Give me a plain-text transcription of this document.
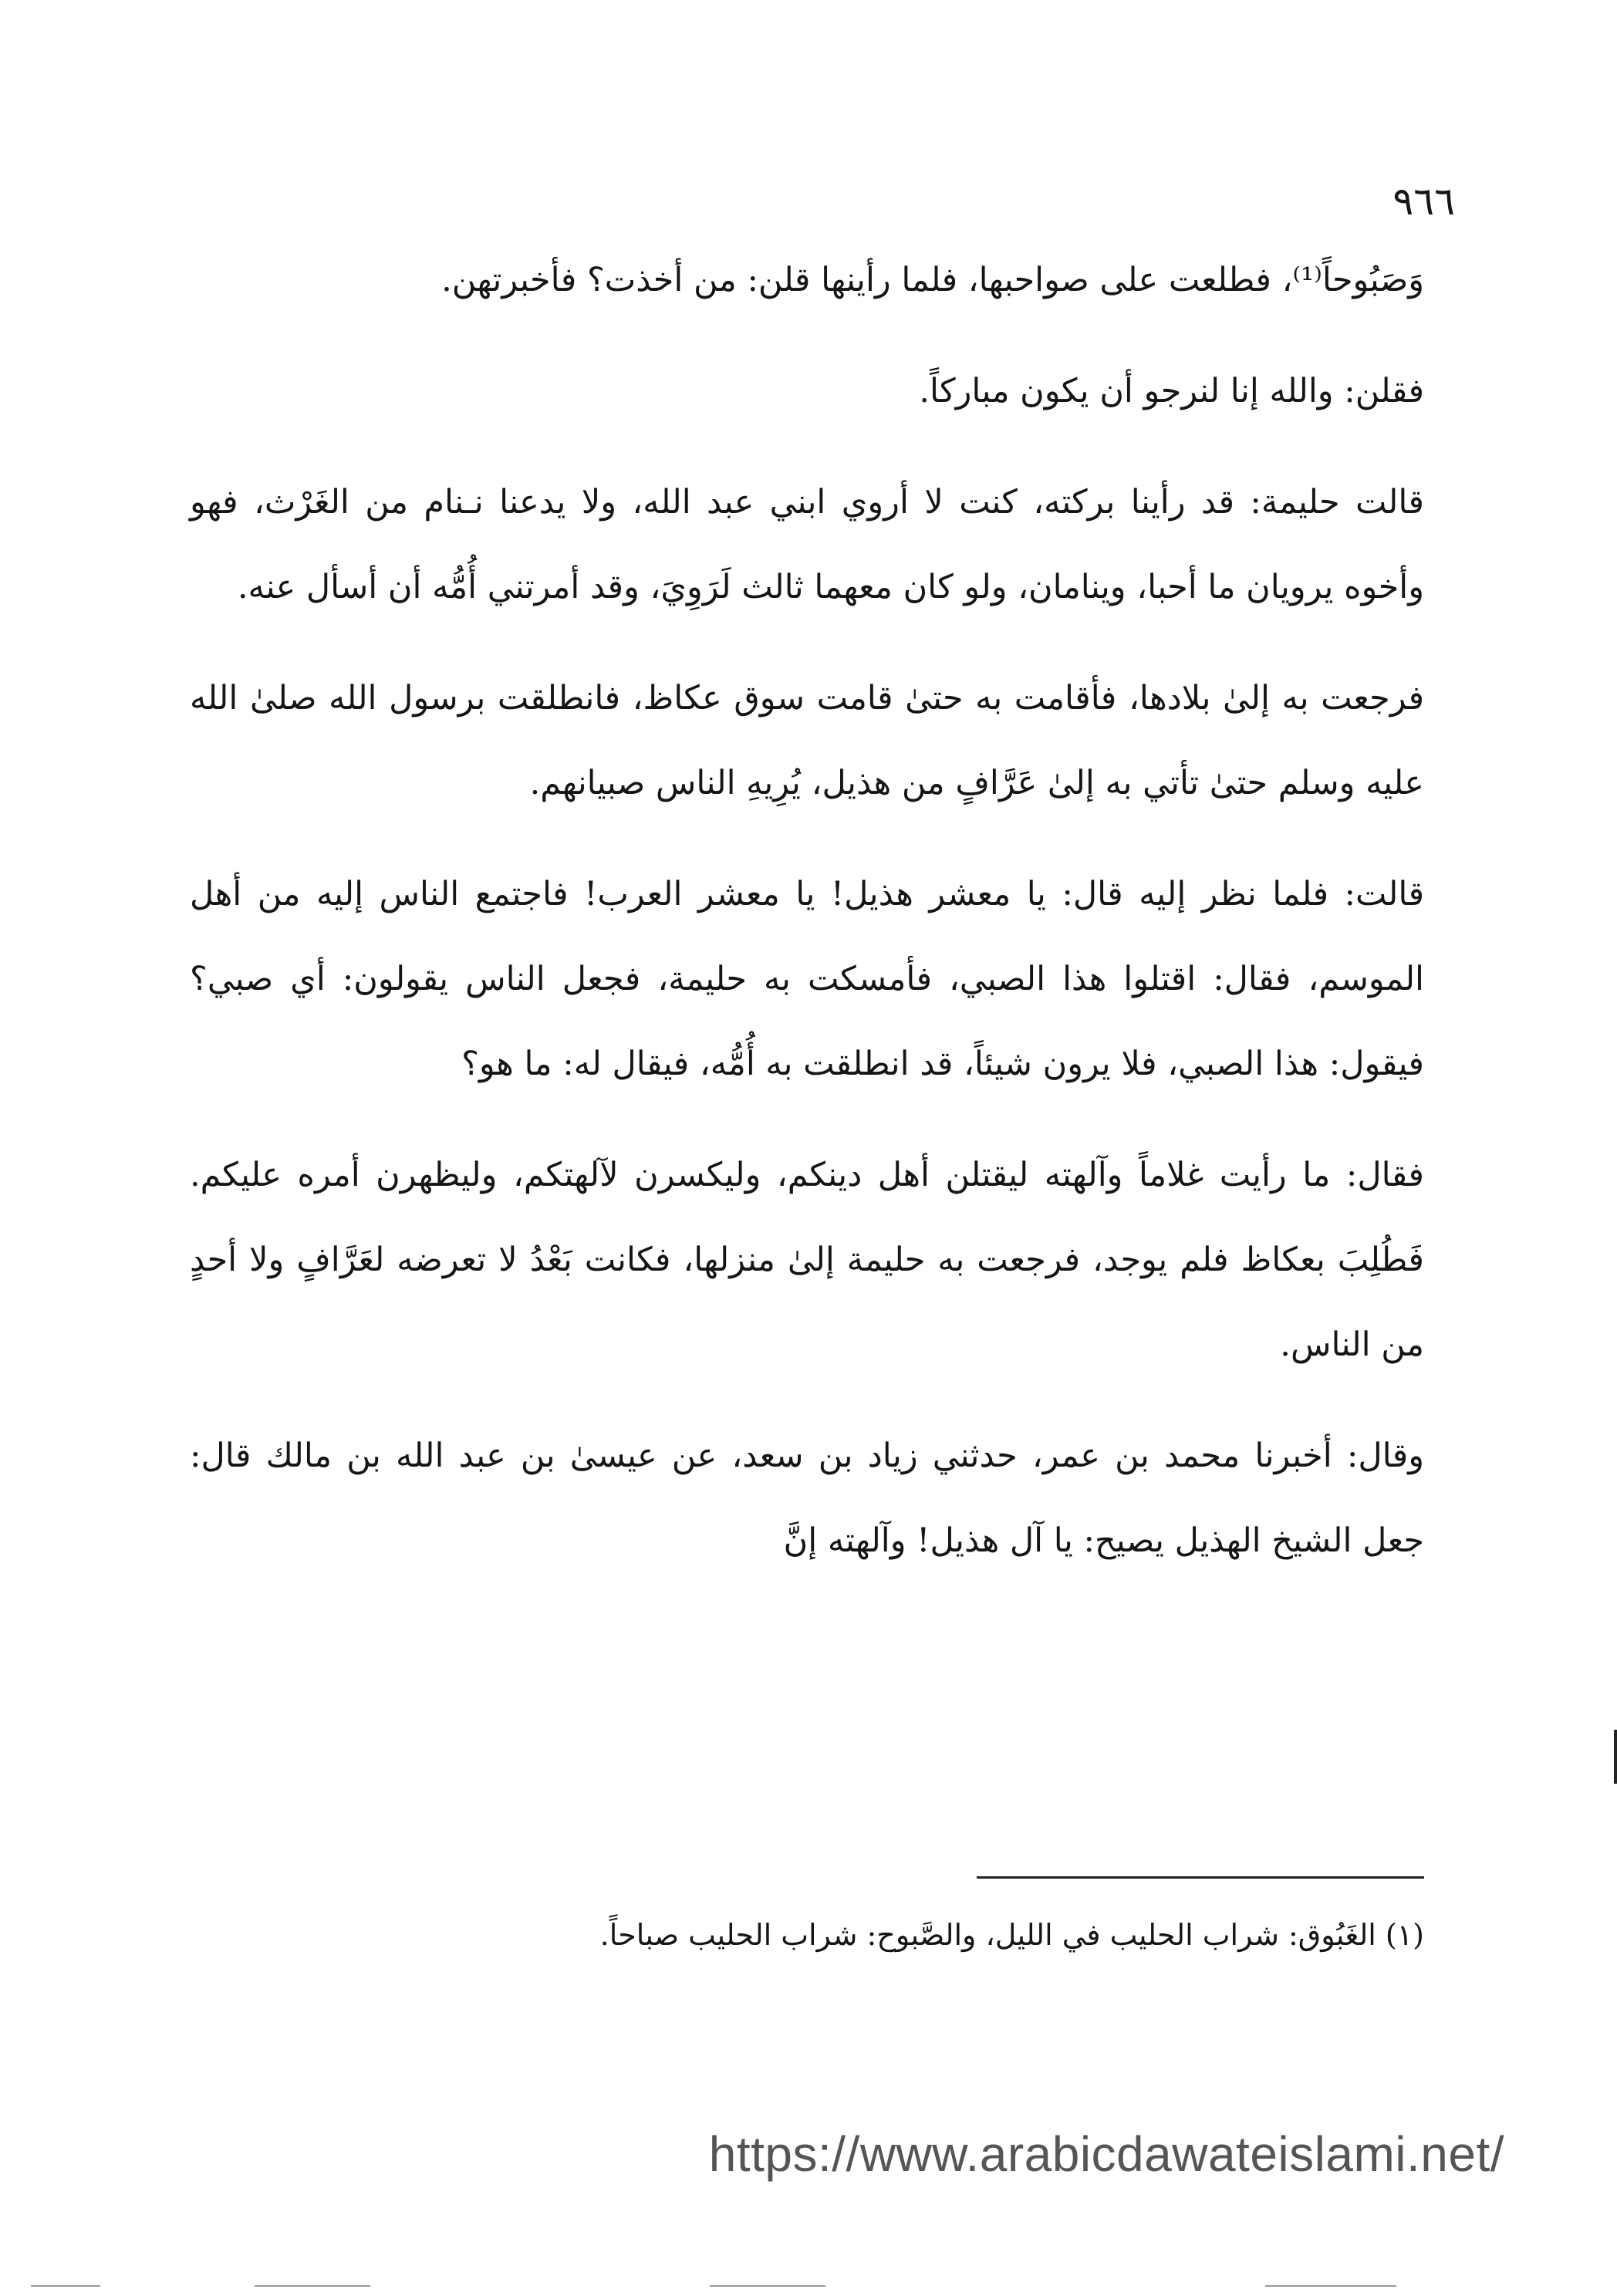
٩٦٦

وَصَبُوحاً⁽¹⁾، فطلعت على صواحبها، فلما رأينها قلن: من أخذت؟ فأخبرتهن.

فقلن: والله إنا لنرجو أن يكون مباركاً.

قالت حليمة: قد رأينا بركته، كنت لا أروي ابني عبد الله، ولا يدعنا نـنام من الغَرْث، فهو وأخوه يرويان ما أحبا، وينامان، ولو كان معهما ثالث لَرَوِيَ، وقد أمرتني أُمُّه أن أسأل عنه.

فرجعت به إلىٰ بلادها، فأقامت به حتىٰ قامت سوق عكاظ، فانطلقت برسول الله صلىٰ الله عليه وسلم حتىٰ تأتي به إلىٰ عَرَّافٍ من هذيل، يُرِيهِ الناس صبيانهم.

قالت: فلما نظر إليه قال: يا معشر هذيل! يا معشر العرب! فاجتمع الناس إليه من أهل الموسم، فقال: اقتلوا هذا الصبي، فأمسكت به حليمة، فجعل الناس يقولون: أي صبي؟ فيقول: هذا الصبي، فلا يرون شيئاً، قد انطلقت به أُمُّه، فيقال له: ما هو؟

فقال: ما رأيت غلاماً وآلهته ليقتلن أهل دينكم، وليكسرن لآلهتكم، وليظهرن أمره عليكم. فَطُلِبَ بعكاظ فلم يوجد، فرجعت به حليمة إلىٰ منزلها، فكانت بَعْدُ لا تعرضه لعَرَّافٍ ولا أحدٍ من الناس.

وقال: أخبرنا محمد بن عمر، حدثني زياد بن سعد، عن عيسىٰ بن عبد الله بن مالك قال: جعل الشيخ الهذيل يصيح: يا آل هذيل! وآلهته إنَّ

(١) الغَبُوق: شراب الحليب في الليل، والصَّبوح: شراب الحليب صباحاً.
https://www.arabicdawateislami.net/
